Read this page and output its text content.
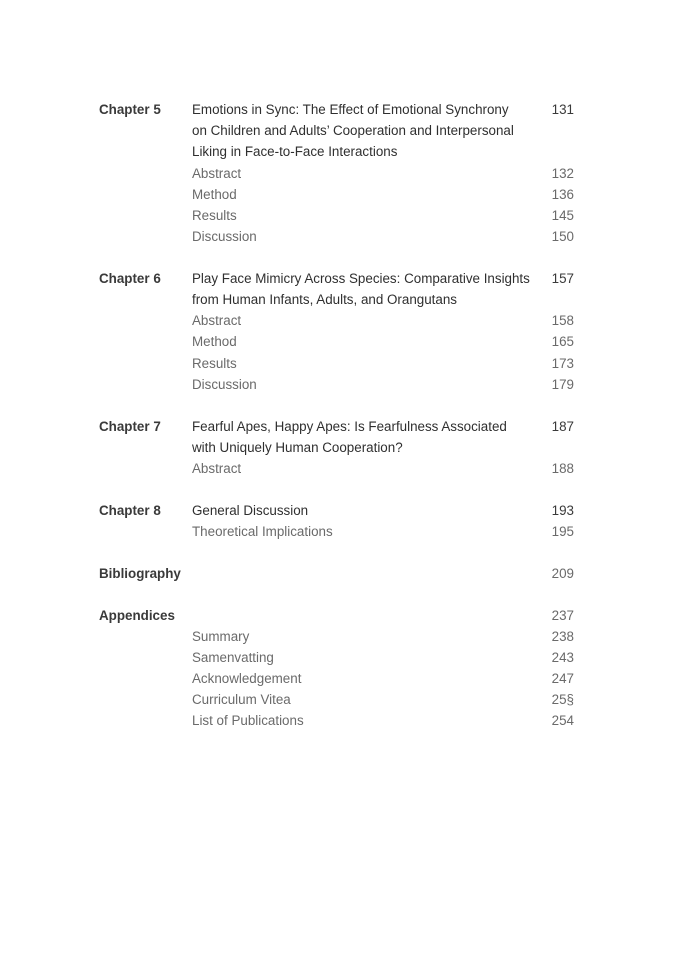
Chapter 5 Emotions in Sync: The Effect of Emotional Synchrony	131
on Children and Adults’ Cooperation and Interpersonal
Liking in Face-to-Face Interactions
Abstract	132
Method	136
Results	145
Discussion	150
Chapter 6 Play Face Mimicry Across Species: Comparative Insights 157
from Human Infants, Adults, and Orangutans
Abstract	158
Method	165
Results	173
Discussion	179
Chapter 7 Fearful Apes, Happy Apes: Is Fearfulness Associated	187
with Uniquely Human Cooperation?
Abstract	188
Chapter 8 General Discussion	193
Theoretical Implications	195
Bibliography	209
Appendices	237
Summary	238
Samenvatting	243
Acknowledgement	247
Curriculum Vitea	25§
List of Publications	254
